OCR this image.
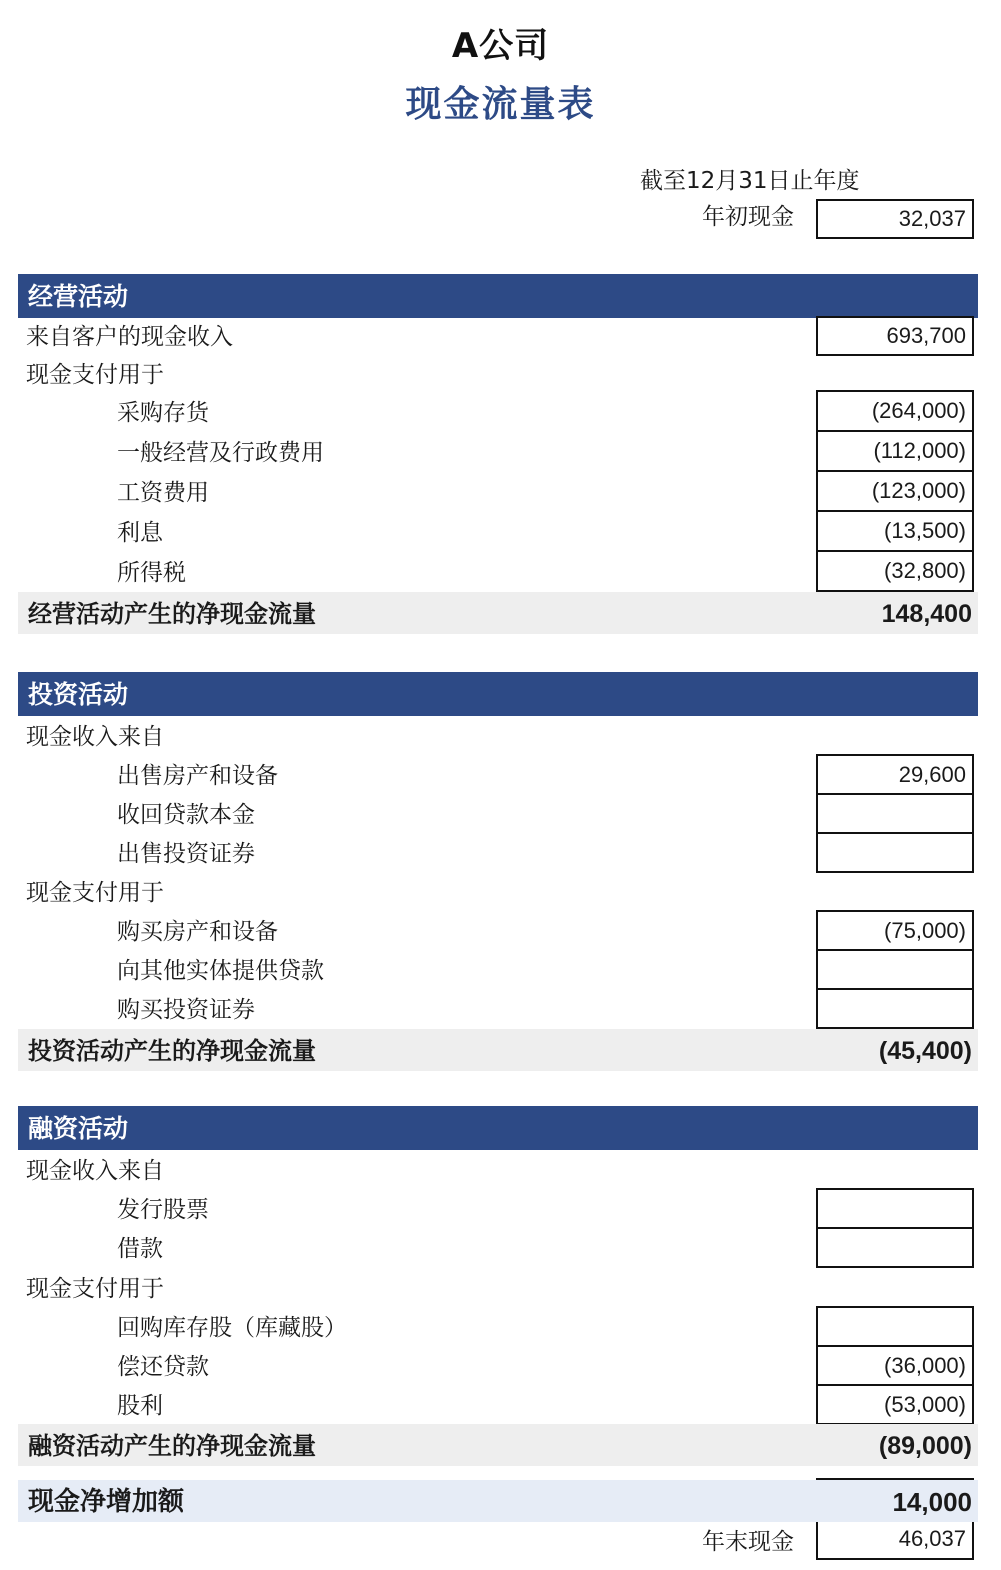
A公司
现金流量表
截至12月31日止年度
年初现金	32,037
经营活动
来自客户的现金收入	693,700
现金支付用于
采购存货	(264,000)
一般经营及行政费用	(112,000)
工资费用	(123,000)
利息	(13,500)
所得税	(32,800)
经营活动产生的净现金流量	148,400
投资活动
现金收入来自
出售房产和设备	29,600
收回贷款本金
出售投资证券
现金支付用于
购买房产和设备	(75,000)
向其他实体提供贷款
购买投资证券
投资活动产生的净现金流量	(45,400)
融资活动
现金收入来自
发行股票
借款
现金支付用于
回购库存股（库藏股）
偿还贷款	(36,000)
股利	(53,000)
融资活动产生的净现金流量	(89,000)
现金净增加额	14,000
年末现金	46,037
